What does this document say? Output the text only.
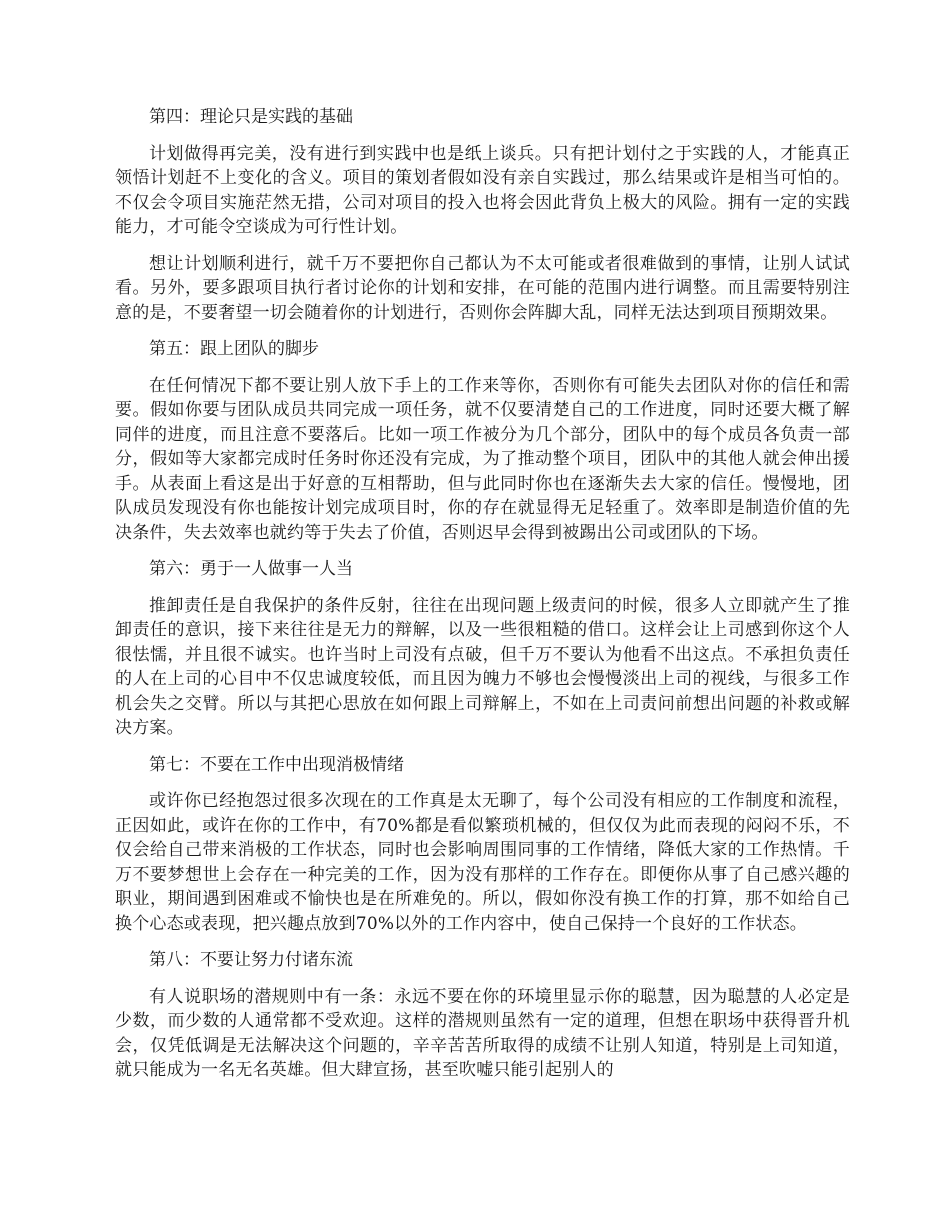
第四：理论只是实践的基础

计划做得再完美，没有进行到实践中也是纸上谈兵。只有把计划付之于实践的人，才能真正领悟计划赶不上变化的含义。项目的策划者假如没有亲自实践过，那么结果或许是相当可怕的。不仅会令项目实施茫然无措，公司对项目的投入也将会因此背负上极大的风险。拥有一定的实践能力，才可能令空谈成为可行性计划。

想让计划顺利进行，就千万不要把你自己都认为不太可能或者很难做到的事情，让别人试试看。另外，要多跟项目执行者讨论你的计划和安排，在可能的范围内进行调整。而且需要特别注意的是，不要奢望一切会随着你的计划进行，否则你会阵脚大乱，同样无法达到项目预期效果。

第五：跟上团队的脚步

在任何情况下都不要让别人放下手上的工作来等你，否则你有可能失去团队对你的信任和需要。假如你要与团队成员共同完成一项任务，就不仅要清楚自己的工作进度，同时还要大概了解同伴的进度，而且注意不要落后。比如一项工作被分为几个部分，团队中的每个成员各负责一部分，假如等大家都完成时任务时你还没有完成，为了推动整个项目，团队中的其他人就会伸出援手。从表面上看这是出于好意的互相帮助，但与此同时你也在逐渐失去大家的信任。慢慢地，团队成员发现没有你也能按计划完成项目时，你的存在就显得无足轻重了。效率即是制造价值的先决条件，失去效率也就约等于失去了价值，否则迟早会得到被踢出公司或团队的下场。

第六：勇于一人做事一人当

推卸责任是自我保护的条件反射，往往在出现问题上级责问的时候，很多人立即就产生了推卸责任的意识，接下来往往是无力的辩解，以及一些很粗糙的借口。这样会让上司感到你这个人很怯懦，并且很不诚实。也许当时上司没有点破，但千万不要认为他看不出这点。不承担负责任的人在上司的心目中不仅忠诚度较低，而且因为魄力不够也会慢慢淡出上司的视线，与很多工作机会失之交臂。所以与其把心思放在如何跟上司辩解上，不如在上司责问前想出问题的补救或解决方案。

第七：不要在工作中出现消极情绪

或许你已经抱怨过很多次现在的工作真是太无聊了，每个公司没有相应的工作制度和流程，正因如此，或许在你的工作中，有70%都是看似繁琐机械的，但仅仅为此而表现的闷闷不乐，不仅会给自己带来消极的工作状态，同时也会影响周围同事的工作情绪，降低大家的工作热情。千万不要梦想世上会存在一种完美的工作，因为没有那样的工作存在。即便你从事了自己感兴趣的职业，期间遇到困难或不愉快也是在所难免的。所以，假如你没有换工作的打算，那不如给自己换个心态或表现，把兴趣点放到70%以外的工作内容中，使自己保持一个良好的工作状态。

第八：不要让努力付诸东流

有人说职场的潜规则中有一条：永远不要在你的环境里显示你的聪慧，因为聪慧的人必定是少数，而少数的人通常都不受欢迎。这样的潜规则虽然有一定的道理，但想在职场中获得晋升机会，仅凭低调是无法解决这个问题的，辛辛苦苦所取得的成绩不让别人知道，特别是上司知道，就只能成为一名无名英雄。但大肆宣扬，甚至吹嘘只能引起别人的
